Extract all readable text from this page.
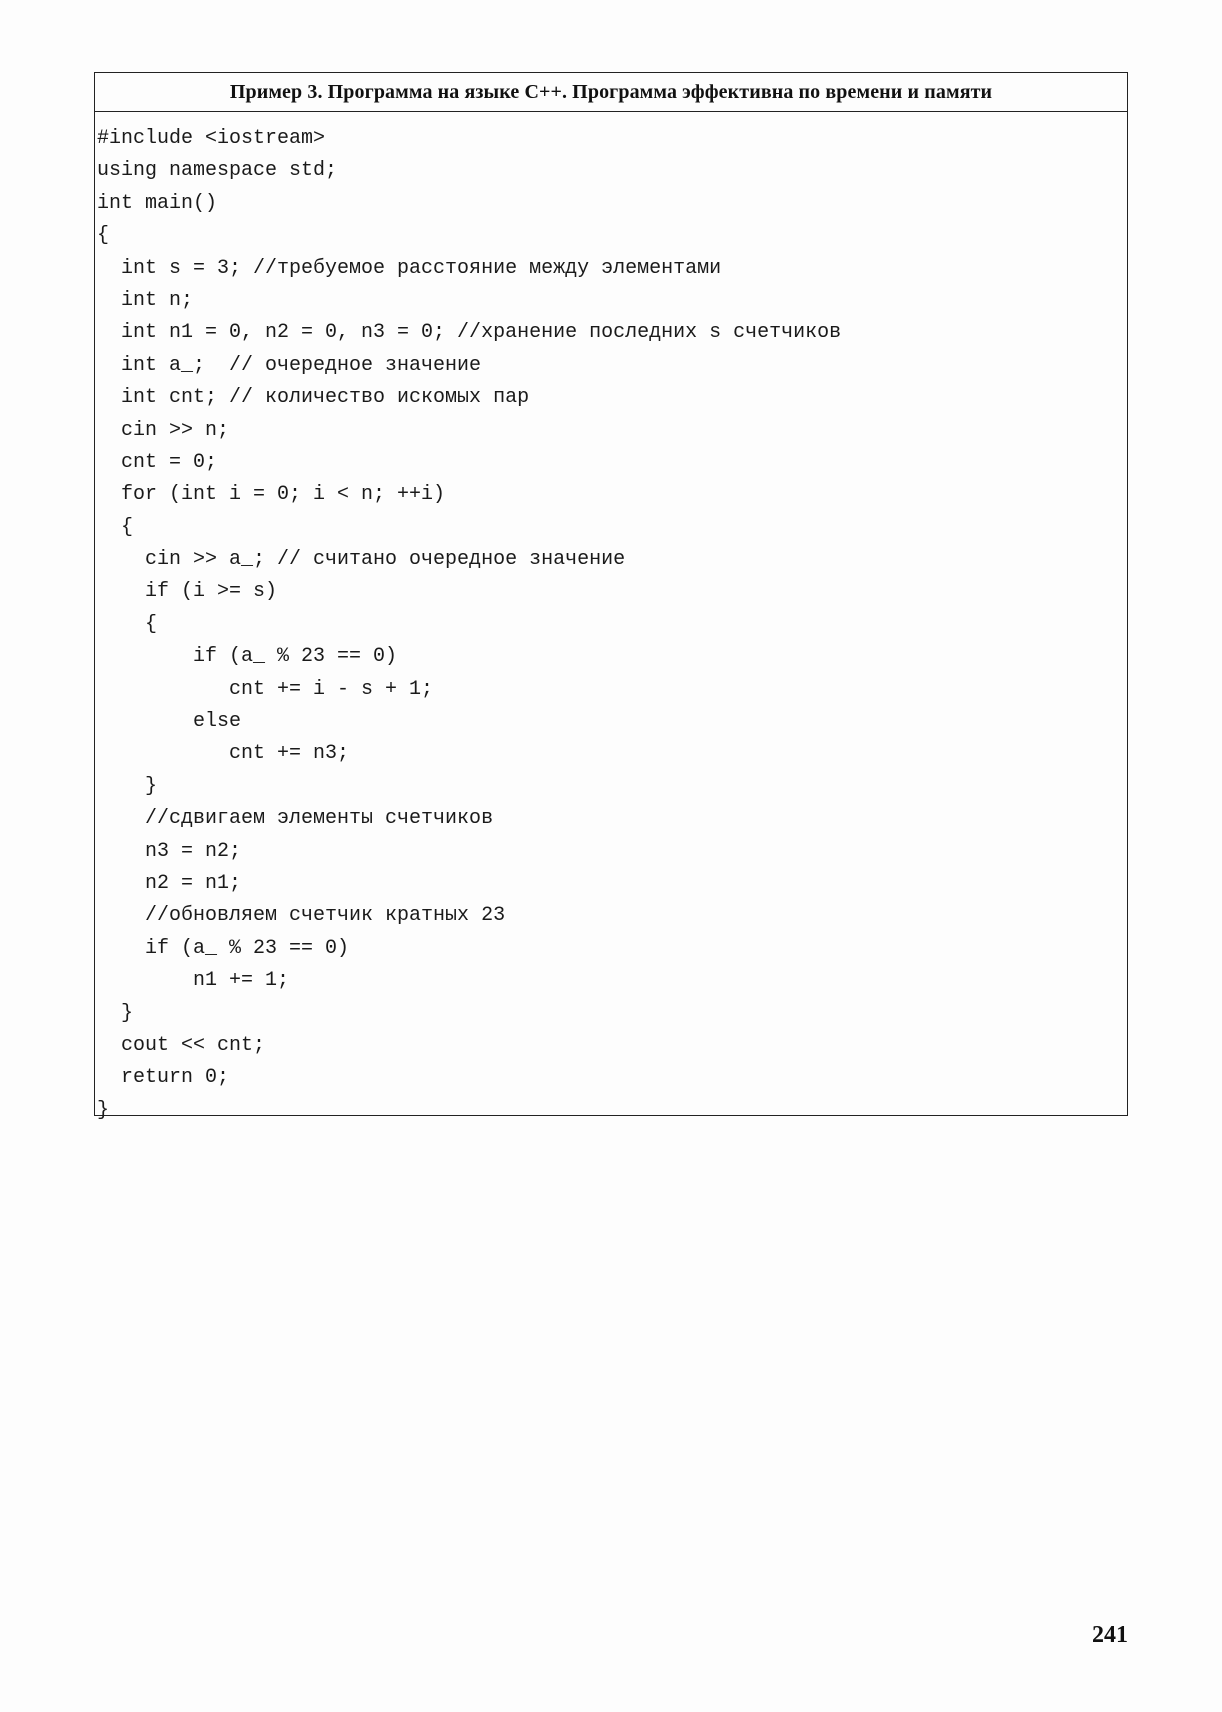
Пример 3. Программа на языке C++. Программа эффективна по времени и памяти
#include <iostream>
using namespace std;
int main()
{
int s = 3; //требуемое расстояние между элементами
int n;
int n1 = 0, n2 = 0, n3 = 0; //хранение последних s счетчиков
int a_;  // очередное значение
int cnt; // количество искомых пар
cin >> n;
cnt = 0;
for (int i = 0; i < n; ++i)
{
cin >> a_; // считано очередное значение
if (i >= s)
{
if (a_ % 23 == 0)
cnt += i - s + 1;
else
cnt += n3;
}
//сдвигаем элементы счетчиков
n3 = n2;
n2 = n1;
//обновляем счетчик кратных 23
if (a_ % 23 == 0)
n1 += 1;
}
cout << cnt;
return 0;
}
241
